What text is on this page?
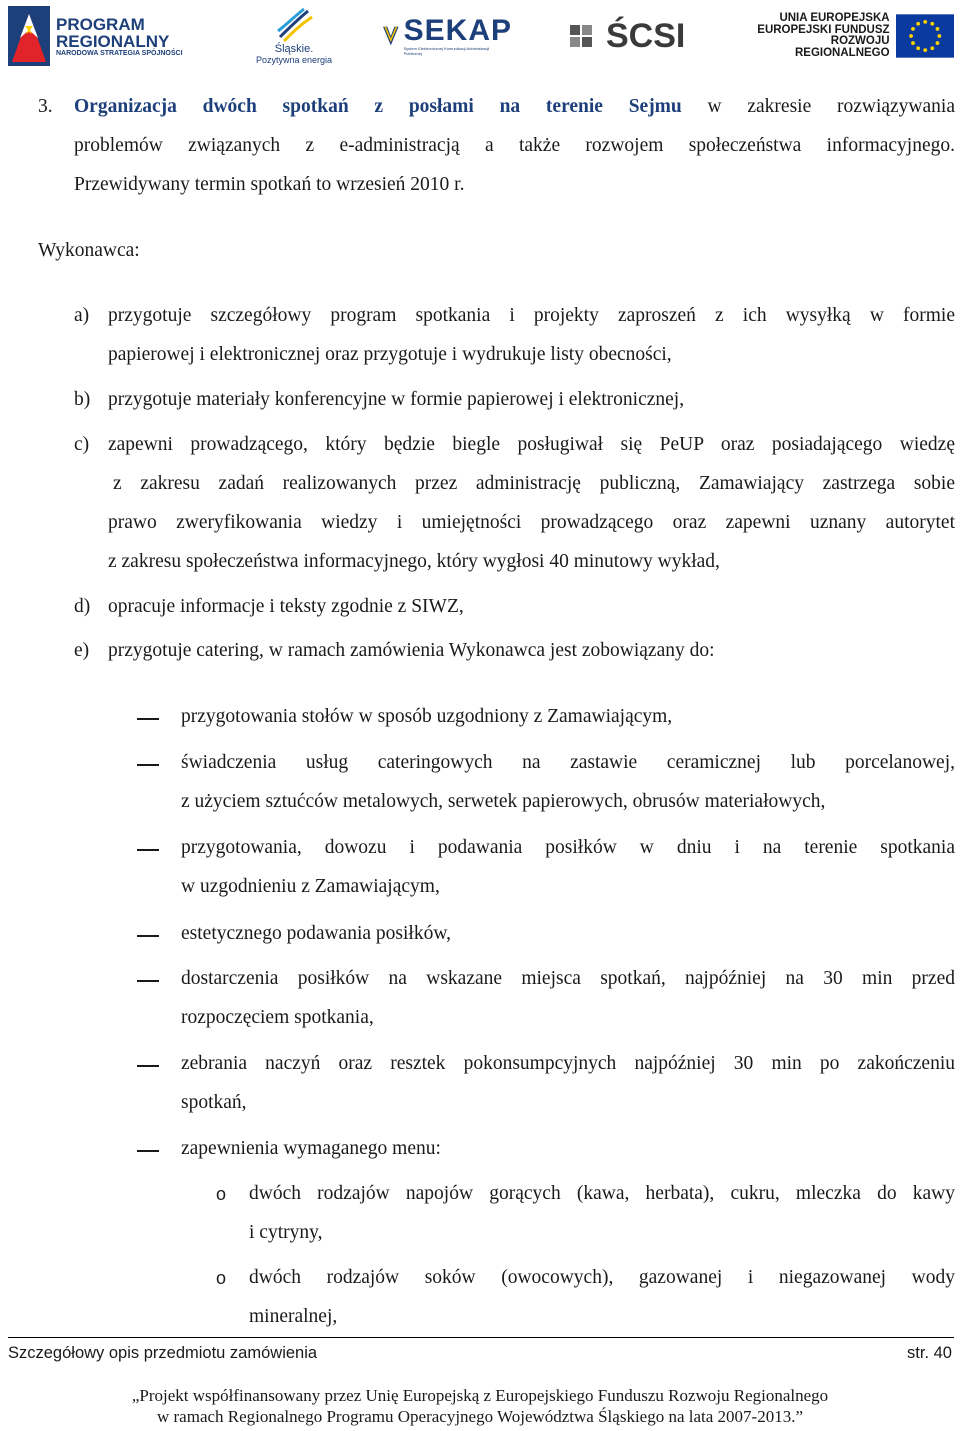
PROGRAM
REGIONALNY
NARODOWA STRATEGIA SPÓJNOŚCI	Śląskie.
Pozytywna energia
SEKAP
System Elektronicznej Komunikacji Administracji Publicznej	ŚCSI	UNIA EUROPEJSKA
EUROPEJSKI FUNDUSZ
ROZWOJU REGIONALNEGO
3. Organizacja dwóch spotkań z posłami na terenie Sejmu w zakresie rozwiązywania
problemów związanych z e-administracją a także rozwojem społeczeństwa informacyjnego.
Przewidywany termin spotkań to wrzesień 2010 r.
Wykonawca:
a) przygotuje szczegółowy program spotkania i projekty zaproszeń z ich wysyłką w formie
papierowej i elektronicznej oraz przygotuje i wydrukuje listy obecności,
b) przygotuje materiały konferencyjne w formie papierowej i elektronicznej,
c) zapewni prowadzącego, który będzie biegle posługiwał się PeUP oraz posiadającego wiedzę
z zakresu zadań realizowanych przez administrację publiczną, Zamawiający zastrzega sobie
prawo zweryfikowania wiedzy i umiejętności prowadzącego oraz zapewni uznany autorytet
z zakresu społeczeństwa informacyjnego, który wygłosi 40 minutowy wykład,
d) opracuje informacje i teksty zgodnie z SIWZ,
e) przygotuje catering, w ramach zamówienia Wykonawca jest zobowiązany do:
przygotowania stołów w sposób uzgodniony z Zamawiającym,
świadczenia usług cateringowych na zastawie ceramicznej lub porcelanowej,
z użyciem sztućców metalowych, serwetek papierowych, obrusów materiałowych,
przygotowania, dowozu i podawania posiłków w dniu i na terenie spotkania
w uzgodnieniu z Zamawiającym,
estetycznego podawania posiłków,
dostarczenia posiłków na wskazane miejsca spotkań, najpóźniej na 30 min przed
rozpoczęciem spotkania,
zebrania naczyń oraz resztek pokonsumpcyjnych najpóźniej 30 min po zakończeniu
spotkań,
zapewnienia wymaganego menu:
o dwóch rodzajów napojów gorących (kawa, herbata), cukru, mleczka do kawy
i cytryny,
o dwóch rodzajów soków (owocowych), gazowanej i niegazowanej wody
mineralnej,
Szczegółowy opis przedmiotu zamówienia	str. 40
„Projekt współfinansowany przez Unię Europejską z Europejskiego Funduszu Rozwoju Regionalnego
w ramach Regionalnego Programu Operacyjnego Województwa Śląskiego na lata 2007-2013.”
